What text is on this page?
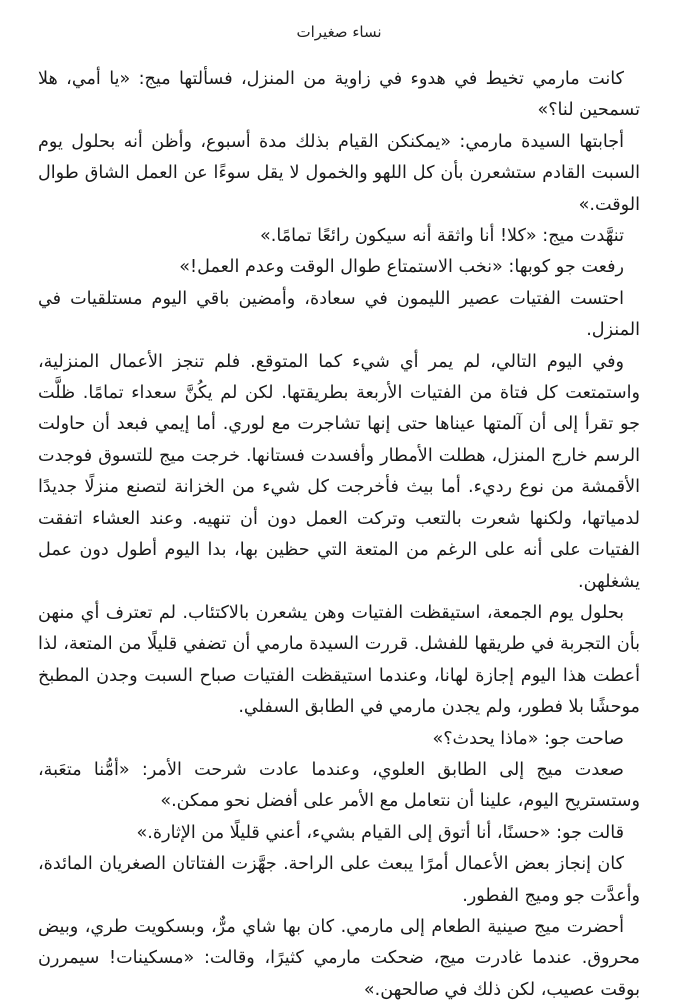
نساء صغيرات

كانت مارمي تخيط في هدوء في زاوية من المنزل، فسألتها ميج: «يا أمي، هلا تسمحين لنا؟»

أجابتها السيدة مارمي: «يمكنكن القيام بذلك مدة أسبوع، وأظن أنه بحلول يوم السبت القادم ستشعرن بأن كل اللهو والخمول لا يقل سوءًا عن العمل الشاق طوال الوقت.»

تنهَّدت ميج: «كلا! أنا واثقة أنه سيكون رائعًا تمامًا.»

رفعت جو كوبها: «نخب الاستمتاع طوال الوقت وعدم العمل!»

احتست الفتيات عصير الليمون في سعادة، وأمضين باقي اليوم مستلقيات في المنزل.

وفي اليوم التالي، لم يمر أي شيء كما المتوقع. فلم تنجز الأعمال المنزلية، واستمتعت كل فتاة من الفتيات الأربعة بطريقتها. لكن لم يكُنَّ سعداء تمامًا. ظلَّت جو تقرأ إلى أن آلمتها عيناها حتى إنها تشاجرت مع لوري. أما إيمي فبعد أن حاولت الرسم خارج المنزل، هطلت الأمطار وأفسدت فستانها. خرجت ميج للتسوق فوجدت الأقمشة من نوع رديء. أما بيث فأخرجت كل شيء من الخزانة لتصنع منزلًا جديدًا لدمياتها، ولكنها شعرت بالتعب وتركت العمل دون أن تنهيه. وعند العشاء اتفقت الفتيات على أنه على الرغم من المتعة التي حظين بها، بدا اليوم أطول دون عمل يشغلهن.

بحلول يوم الجمعة، استيقظت الفتيات وهن يشعرن بالاكتئاب. لم تعترف أي منهن بأن التجربة في طريقها للفشل. قررت السيدة مارمي أن تضفي قليلًا من المتعة، لذا أعطت هذا اليوم إجازة لهانا، وعندما استيقظت الفتيات صباح السبت وجدن المطبخ موحشًا بلا فطور، ولم يجدن مارمي في الطابق السفلي.

صاحت جو: «ماذا يحدث؟»

صعدت ميج إلى الطابق العلوي، وعندما عادت شرحت الأمر: «أمُّنا متعَبة، وستستريح اليوم، علينا أن نتعامل مع الأمر على أفضل نحو ممكن.»

قالت جو: «حسنًا، أنا أتوق إلى القيام بشيء، أعني قليلًا من الإثارة.»

كان إنجاز بعض الأعمال أمرًا يبعث على الراحة. جهَّزت الفتاتان الصغريان المائدة، وأعدَّت جو وميج الفطور.

أحضرت ميج صينية الطعام إلى مارمي. كان بها شاي مرٌّ، وبسكويت طري، وبيض محروق. عندما غادرت ميج، ضحكت مارمي كثيرًا، وقالت: «مسكينات! سيمررن بوقت عصيب، لكن ذلك في صالحهن.»
